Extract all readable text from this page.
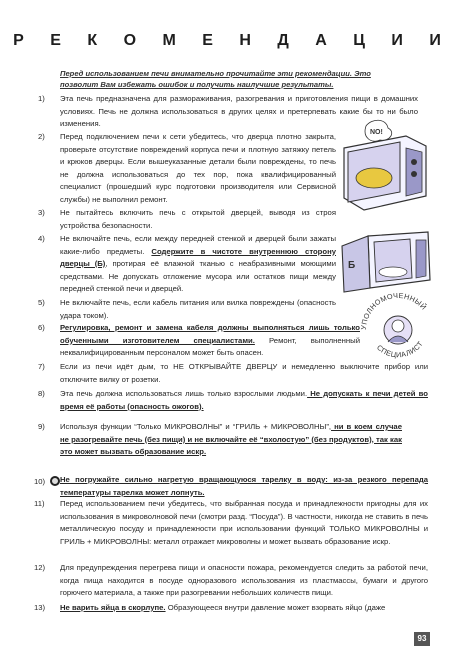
Р Е К О М Е Н Д А Ц И И
Перед использованием печи внимательно прочитайте эти рекомендации. Это позволит Вам избежать ошибок и получить наилучшие результаты.
1) Эта печь предназначена для размораживания, разогревания и приготовления пищи в домашних условиях. Печь не должна использоваться в других целях и претерпевать какие бы то ни было изменения.
2) Перед подключением печи к сети убедитесь, что дверца плотно закрыта, проверьте отсутствие повреждений корпуса печи и плотную затяжку петель и крюков дверцы. Если вышеуказанные детали были повреждены, то печь не должна использоваться до тех пор, пока квалифицированный специалист (прошедший курс подготовки производителя или Сервисной службы) не выполнил ремонт.
3) Не пытайтесь включить печь с открытой дверцей, выводя из строя устройства безопасности.
4) Не включайте печь, если между передней стенкой и дверцей были зажаты какие-либо предметы. Содержите в чистоте внутреннюю сторону дверцы (Б), протирая её влажной тканью с неабразивными моющими средствами. Не допускать отложение мусора или остатков пищи между передней стенкой печи и дверцей.
5) Не включайте печь, если кабель питания или вилка повреждены (опасность удара током).
6) Регулировка, ремонт и замена кабеля должны выполняться лишь только обученными изготовителем специалистами. Ремонт, выполненный неквалифицированным персоналом может быть опасен.
7) Если из печи идёт дым, то НЕ ОТКРЫВАЙТЕ ДВЕРЦУ и немедленно выключите прибор или отключите вилку от розетки.
8) Эта печь должна использоваться лишь только взрослыми людьми. Не допускать к печи детей во время её работы (опасность ожогов).
9) Используя функции “Только МИКРОВОЛНЫ” и “ГРИЛЬ + МИКРОВОЛНЫ”, ни в коем случае не разогревайте печь (без пищи) и не включайте её “вхолостую” (без продуктов), так как это может вызвать образование искр.
10) Не погружайте сильно нагретую вращающуюся тарелку в воду: из-за резкого перепада температуры тарелка может лопнуть.
11) Перед использованием печи убедитесь, что выбранная посуда и принадлежности пригодны для их использования в микроволновой печи (смотри разд. “Посуда”). В частности, никогда не ставить в печь металлическую посуду и принадлежности при использовании функций ТОЛЬКО МИКРОВОЛНЫ и ГРИЛЬ + МИКРОВОЛНЫ: металл отражает микроволны и может вызвать образование искр.
12) Для предупреждения перегрева пищи и опасности пожара, рекомендуется следить за работой печи, когда пища находится в посуде одноразового использования из пластмассы, бумаги и другого горючего материала, а также при разогревании небольших количеств пищи.
13) Не варить яйца в скорлупе. Образующееся внутри давление может взорвать яйцо (даже
NO!
Б
УПОЛНОМОЧЕННЫЙ
СПЕЦИАЛИСТ
93
